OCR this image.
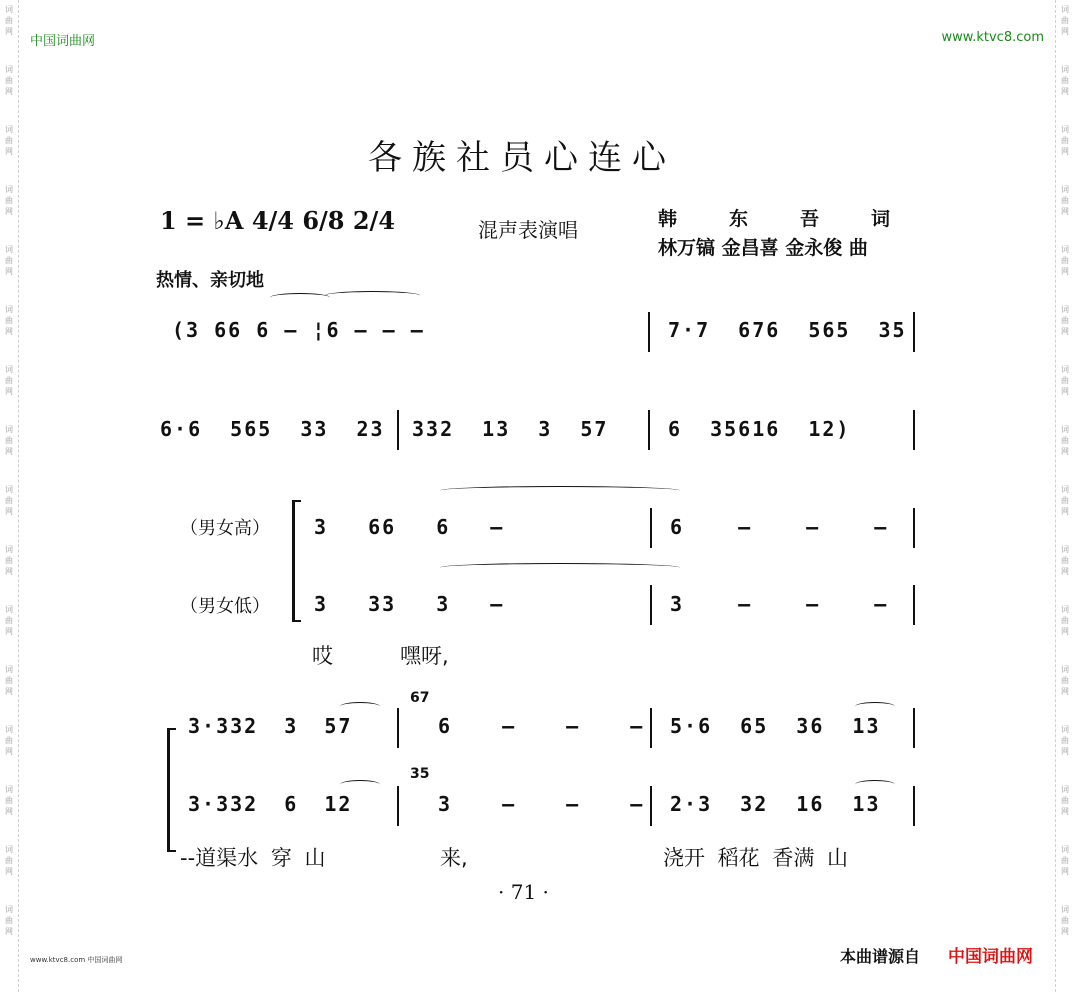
词
曲
网
词
曲
网
词
曲
网
词
曲
网
词
曲
网
词
曲
网
词
曲
网
词
曲
网
词
曲
网
词
曲
网
词
曲
网
词
曲
网
词
曲
网
词
曲
网
词
曲
网
词
曲
网
词
曲
网
词
曲
网
词
曲
网
词
曲
网
词
曲
网
词
曲
网
词
曲
网
词
曲
网
词
曲
网
词
曲
网
词
曲
网
词
曲
网
词
曲
网
词
曲
网
词
曲
网
词
曲
网
中国词曲网	www.ktvc8.com
各族社员心连心
1 = ♭A 4/4 6/8 2/4	混声表演唱	韩东吾词
林万镐 金昌喜 金永俊 曲
热情、亲切地
(3 66 6 — ¦6 — — —	7·7 676 565 35
6·6 565 33 23 332 13 3 57	6 35616 12)
（男女高）
（男女低）
3 66 6 —	6 — — —
3 33 3 —	3 — — —
哎	嘿呀,
3·332 3 57
67
6 — — — 5·6 65 36 13
3·332 6 12
35
3 — — — 2·3 32 16 13
--道渠水 穿 山	来,	浇开 稻花 香满 山
· 71 ·
www.ktvc8.com 中国词曲网	本曲谱源自 中国词曲网
